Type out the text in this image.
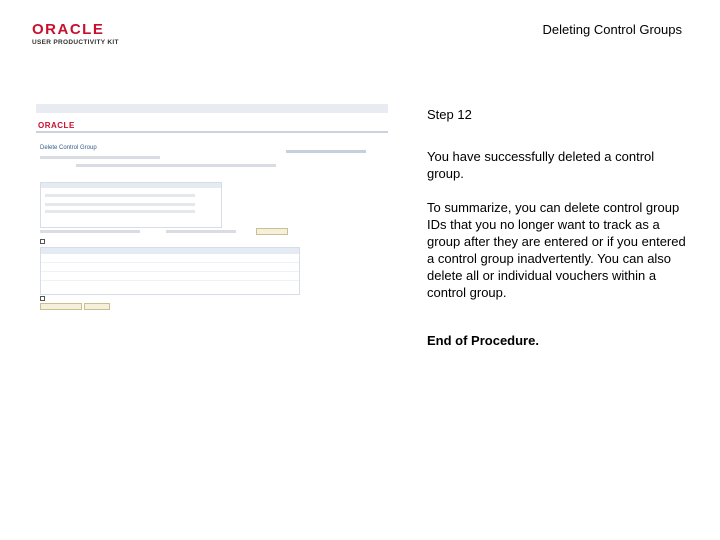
ORACLE
USER PRODUCTIVITY KIT
Deleting Control Groups
ORACLE
Delete Control Group
Step 12

You have successfully deleted a control group.

To summarize, you can delete control group IDs that you no longer want to track as a group after they are entered or if you entered a control group inadvertently. You can also delete all or individual vouchers within a control group.

End of Procedure.
